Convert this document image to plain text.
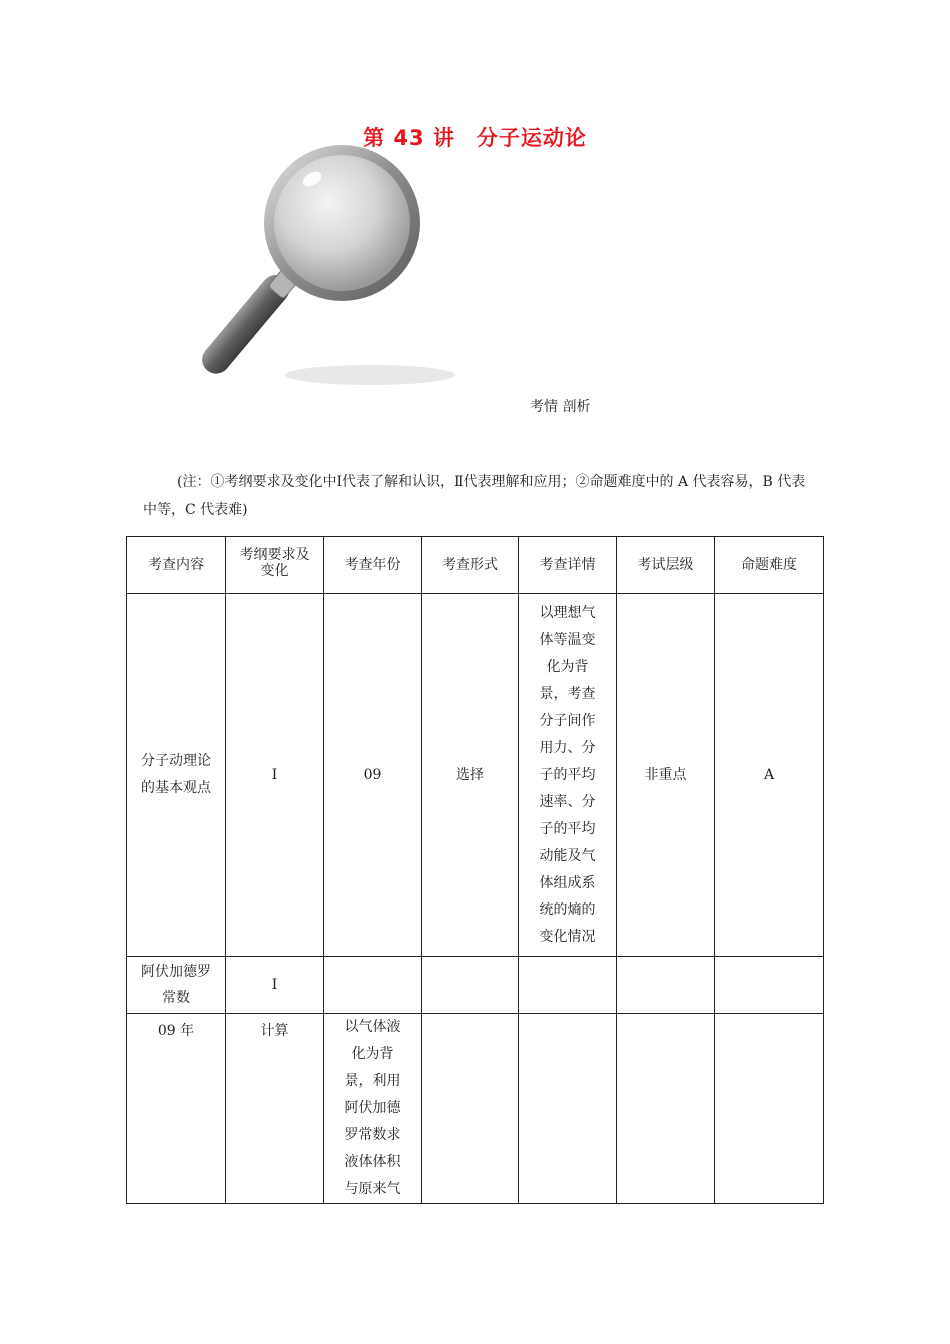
第 43 讲　分子运动论
考情 剖析
(注：①考纲要求及变化中Ⅰ代表了解和认识，Ⅱ代表理解和应用；②命题难度中的 A 代表容易，B 代表中等，C 代表难)
考查内容	考纲要求及变化	考查年份	考查形式	考查详情	考试层级	命题难度
分子动理论的基本观点	Ⅰ	09	选择	以理想气体等温变化为背景，考查分子间作用力、分子的平均速率、分子的平均动能及气体组成系统的熵的变化情况	非重点	A
阿伏加德罗常数	Ⅰ					
09 年	计算	以气体液化为背景，利用阿伏加德罗常数求液体体积与原来气				
